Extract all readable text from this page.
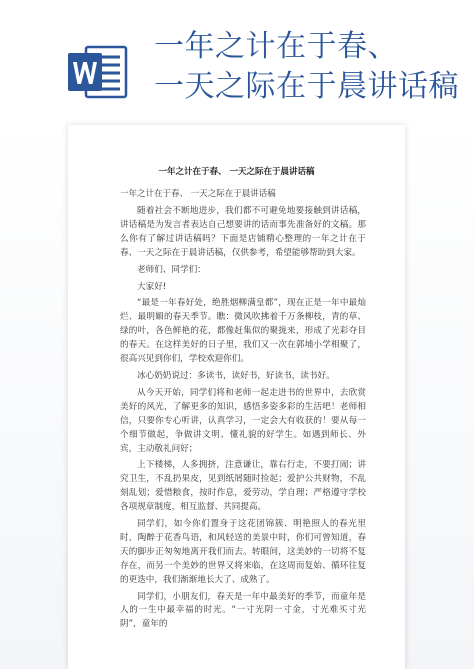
一年之计在于春、
一天之际在于晨讲话稿
一年之计在于春、 一天之际在于晨讲话稿
一年之计在于春、 一天之际在于晨讲话稿

随着社会不断地进步，我们都不可避免地要接触到讲话稿，讲话稿是为发言者表达自己想要讲的话而事先准备好的文稿。那么你有了解过讲话稿吗？下面是店铺精心整理的一年之计在于春、一天之际在于晨讲话稿，仅供参考，希望能够帮助到大家。

老师们、同学们：

大家好!

“最是一年春好处，绝胜烟柳满皇都”，现在正是一年中最灿烂、最明媚的春天季节。瞧：微风吹拂着千万条柳枝，青的草、绿的叶，各色鲜艳的花，都像赶集似的聚拢来，形成了光彩夺目的春天。在这样美好的日子里，我们又一次在郭埔小学相聚了，很高兴见到你们，学校欢迎你们。

冰心奶奶说过：多读书，读好书，好读书，读书好。

从今天开始，同学们将和老师一起走进书的世界中，去欣赏美好的风光，了解更多的知识，感悟多姿多彩的生活吧！老师相信，只要你专心听讲，认真学习，一定会大有收获的！要从每一个细节做起，争做讲文明、懂礼貌的好学生。如遇到师长、外宾，主动敬礼问好；

上下楼梯，人多拥挤，注意谦让，靠右行走，不要打闹；讲究卫生，不乱扔果皮，见到纸屑随时捡起；爱护公共财物，不乱刻乱划；爱惜粮食，按时作息，爱劳动，学自理；严格遵守学校各项规章制度，相互监督、共同提高。

同学们，如今你们置身于这花团锦簇、明艳照人的春光里时，陶醉于花香鸟语，和风轻送的美景中时，你们可曾知道，春天的脚步正匆匆地离开我们而去。转眼间，这美妙的一切将不复存在，而另一个美妙的世界又将来临，在这周而复始、循环往复的更迭中，我们渐渐地长大了、成熟了。

同学们，小朋友们，春天是一年中最美好的季节，而童年是人的一生中最幸福的时光。“一寸光阴一寸金，寸光难买寸光阴”，童年的
